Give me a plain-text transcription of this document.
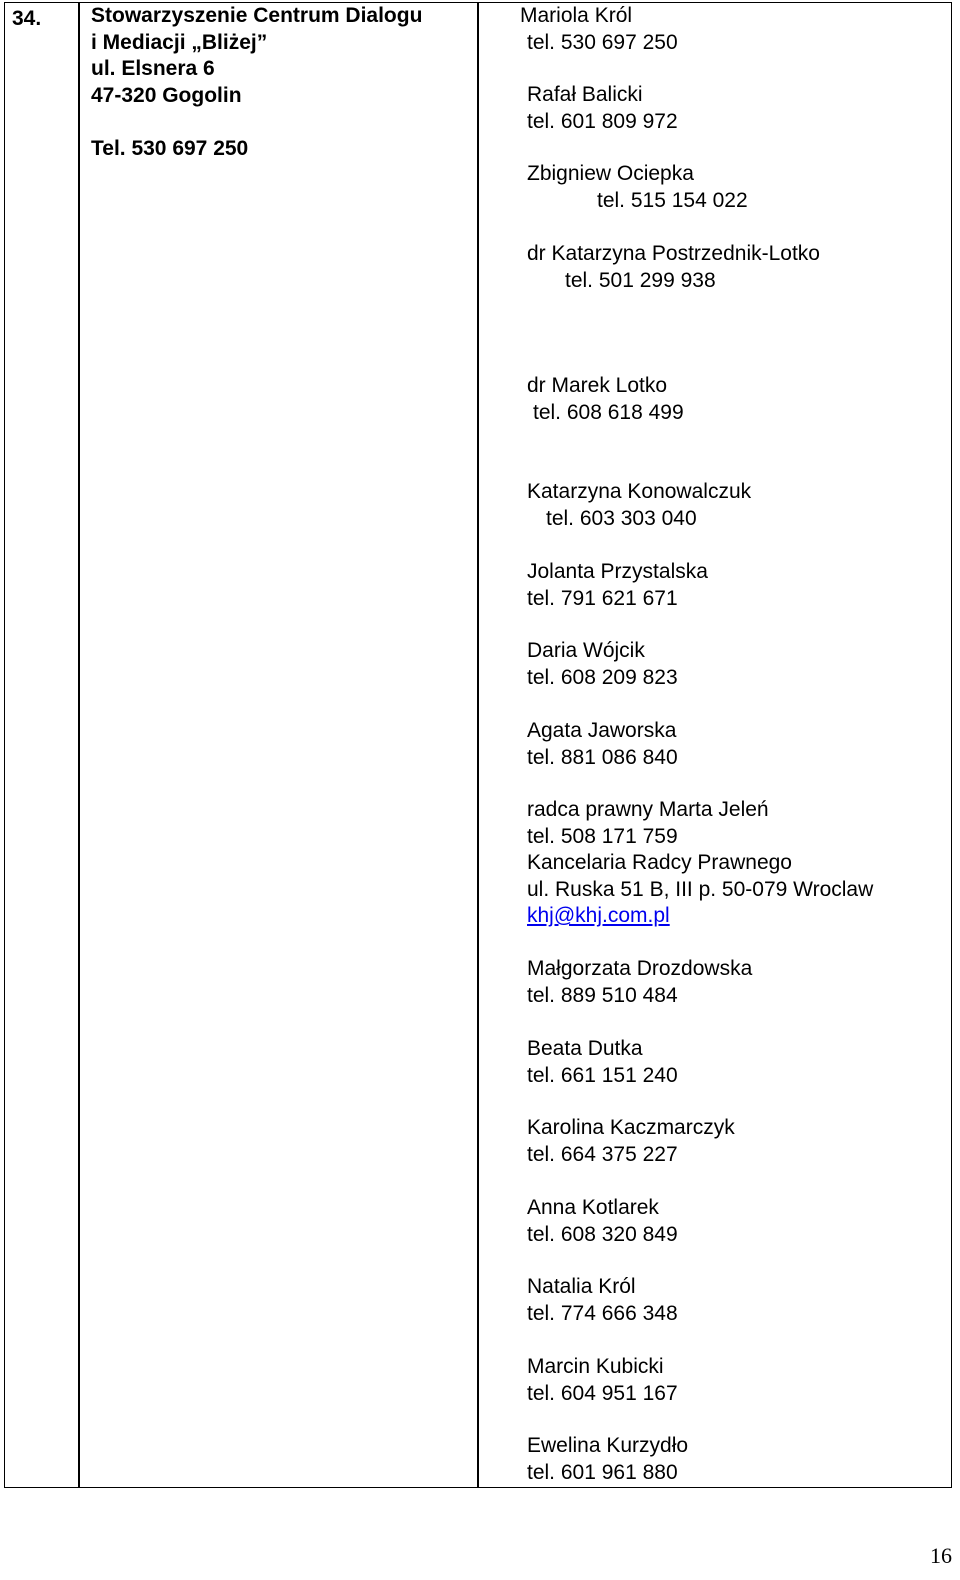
34. Stowarzyszenie Centrum Dialogu
i Mediacji „Bliżej”
ul. Elsnera 6
47-320 Gogolin
Tel. 530 697 250
Mariola Król
tel. 530 697 250
Rafał Balicki
tel. 601 809 972
Zbigniew Ociepka
tel. 515 154 022
dr Katarzyna Postrzednik-Lotko
tel. 501 299 938
dr Marek Lotko
tel. 608 618 499
Katarzyna Konowalczuk
tel. 603 303 040
Jolanta Przystalska
tel. 791 621 671
Daria Wójcik
tel. 608 209 823
Agata Jaworska
tel. 881 086 840
radca prawny Marta Jeleń
tel. 508 171 759
Kancelaria Radcy Prawnego
ul. Ruska 51 B, III p. 50-079 Wroclaw
khj@khj.com.pl
Małgorzata Drozdowska
tel. 889 510 484
Beata Dutka
tel. 661 151 240
Karolina Kaczmarczyk
tel. 664 375 227
Anna Kotlarek
tel. 608 320 849
Natalia Król
tel. 774 666 348
Marcin Kubicki
tel. 604 951 167
Ewelina Kurzydło
tel. 601 961 880
16
